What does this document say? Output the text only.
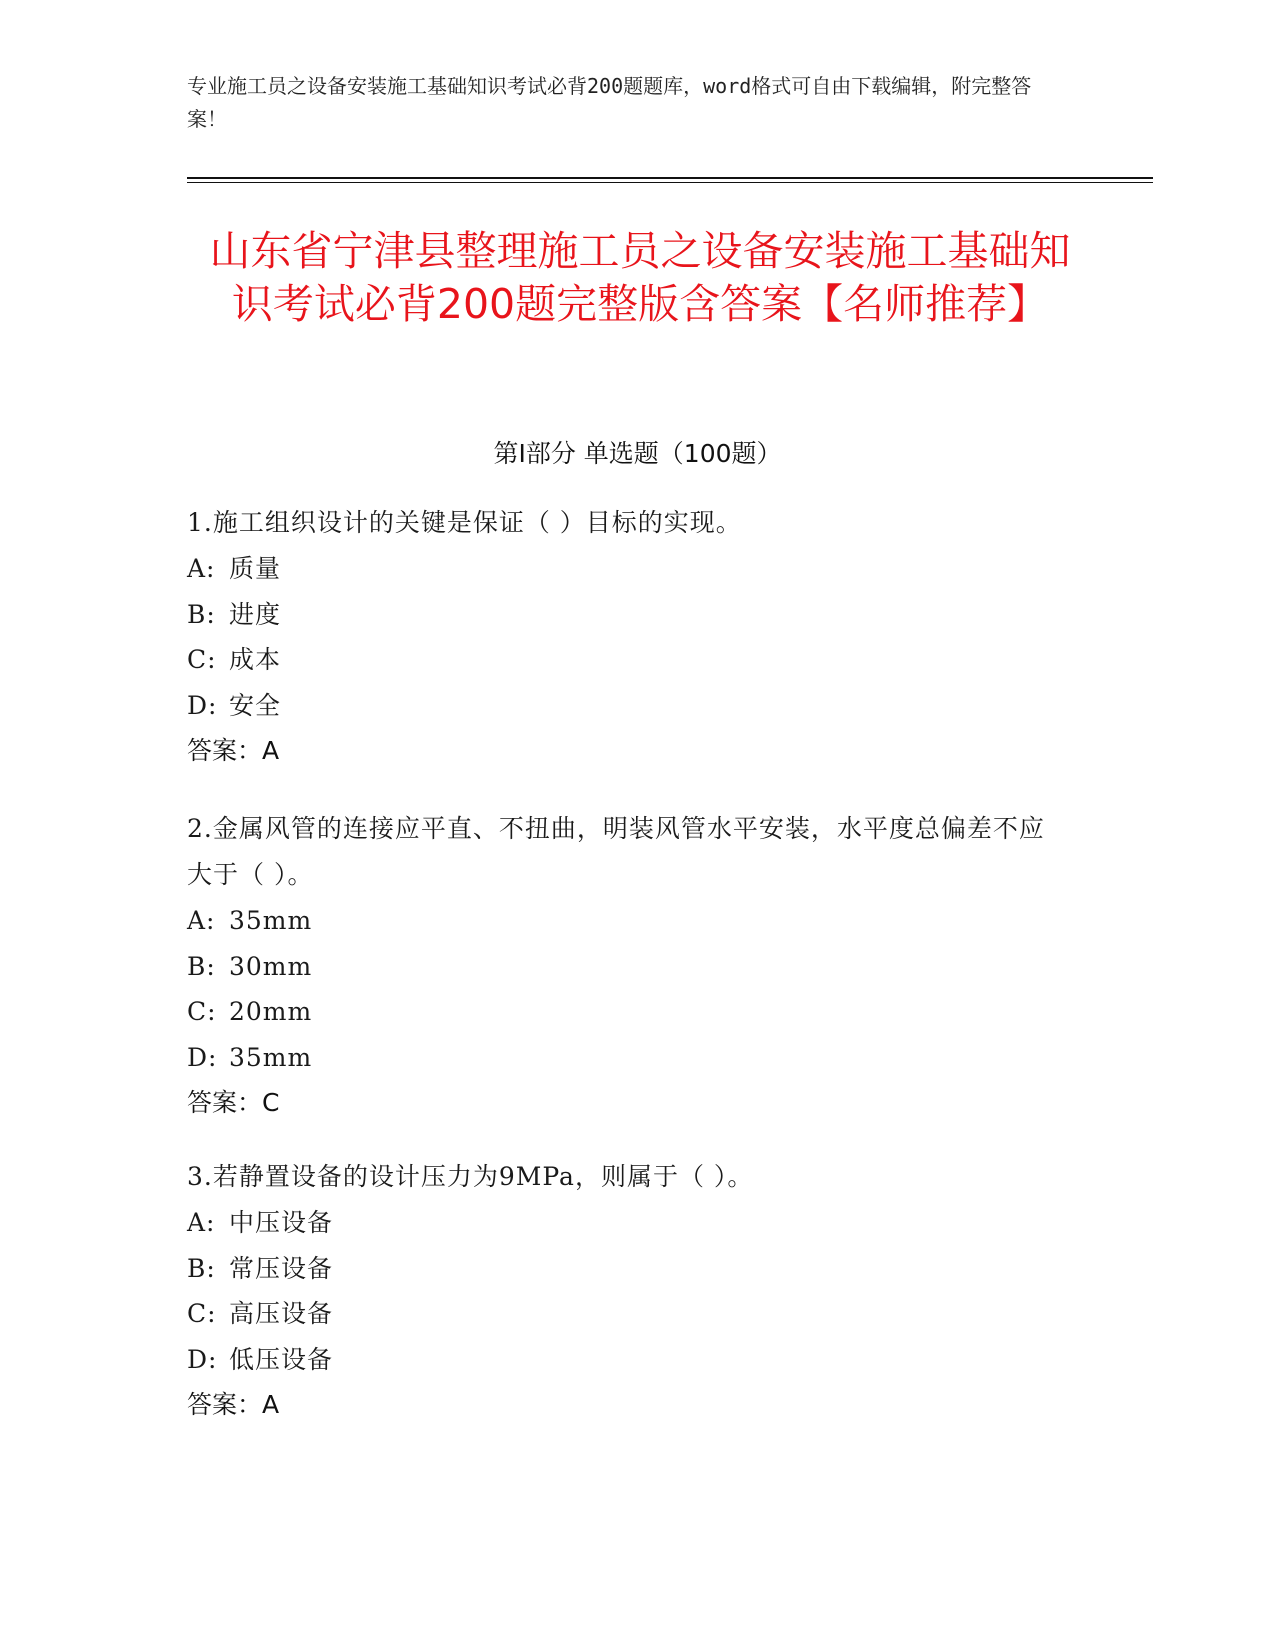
专业施工员之设备安装施工基础知识考试必背200题题库，word格式可自由下载编辑，附完整答案！
山东省宁津县整理施工员之设备安装施工基础知识考试必背200题完整版含答案【名师推荐】
第Ⅰ部分 单选题（100题）
1.施工组织设计的关键是保证（ ）目标的实现。
A: 质量
B: 进度
C: 成本
D: 安全
答案：A
2.金属风管的连接应平直、不扭曲，明装风管水平安装，水平度总偏差不应大于（ ）。
A: 35mm
B: 30mm
C: 20mm
D: 35mm
答案：C
3.若静置设备的设计压力为9MPa，则属于（ ）。
A: 中压设备
B: 常压设备
C: 高压设备
D: 低压设备
答案：A
